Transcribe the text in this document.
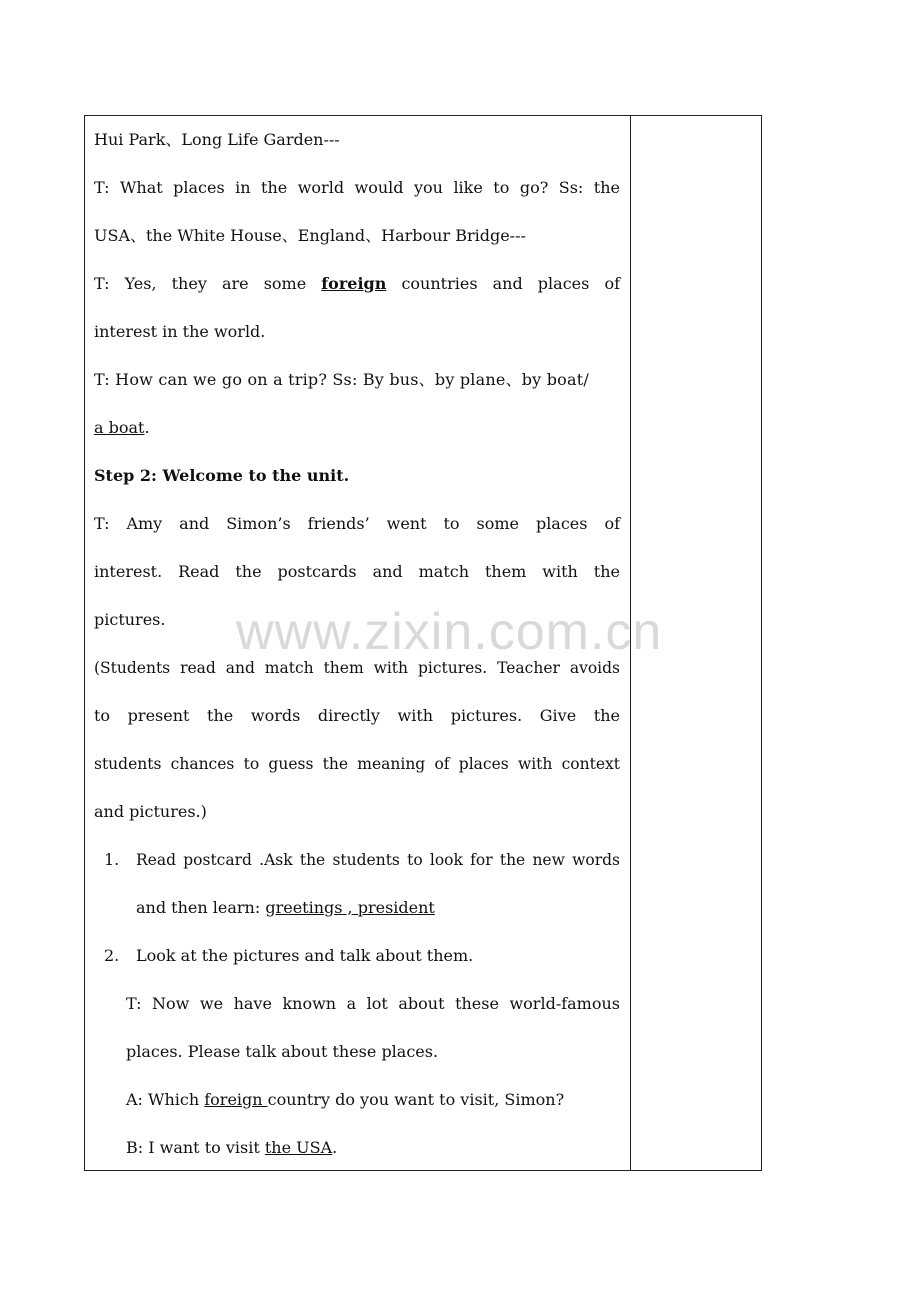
Hui Park、Long Life Garden---
T: What places in the world would you like to go? Ss: the
USA、the White House、England、Harbour Bridge---
T: Yes, they are some foreign countries and places of
interest in the world.
T: How can we go on a trip? Ss: By bus、by plane、by boat/
a boat.
Step 2: Welcome to the unit.
T: Amy and Simon’s friends’ went to some places of
interest. Read the postcards and match them with the
pictures.
(Students read and match them with pictures. Teacher avoids
to present the words directly with pictures. Give the
students chances to guess the meaning of places with context
and pictures.)
1. Read postcard .Ask the students to look for the new words
and then learn: greetings , president
2. Look at the pictures and talk about them.
T: Now we have known a lot about these world-famous
places. Please talk about these places.
A: Which foreign country do you want to visit, Simon?
B: I want to visit the USA.
www.zixin.com.cn
